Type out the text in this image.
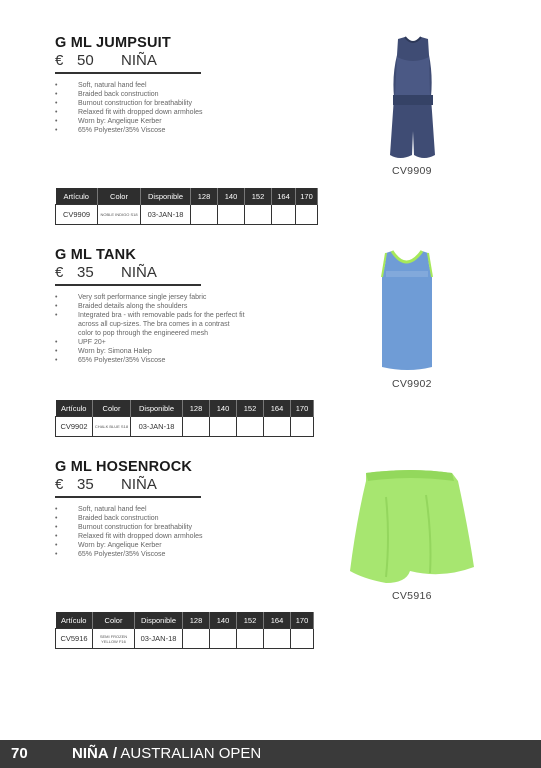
G ML JUMPSUIT
€ 50 NIÑA
•	Soft, natural hand feel
•	Braided back construction
•	Burnout construction for breathability
•	Relaxed fit with dropped down armholes
•	Worn by: Angelique Kerber
•	65% Polyester/35% Viscose
CV9909
Artículo	Color	Disponible	128	140	152	164	170
CV9909	NOBLE INDIGO S18	03-JAN-18					
G ML TANK
€ 35 NIÑA
•	Very soft performance single jersey fabric
•	Braided details along the shoulders
•	Integrated bra - with removable pads for the perfect fit
across all cup-sizes. The bra comes in a contrast
color to pop through the engineered mesh
•	UPF 20+
•	Worn by: Simona Halep
•	65% Polyester/35% Viscose
CV9902
Artículo	Color	Disponible	128	140	152	164	170
CV9902	CHALK BLUE S18	03-JAN-18					
G ML HOSENROCK
€ 35 NIÑA
•	Soft, natural hand feel
•	Braided back construction
•	Burnout construction for breathability
•	Relaxed fit with dropped down armholes
•	Worn by: Angelique Kerber
•	65% Polyester/35% Viscose
CV5916
Artículo	Color	Disponible	128	140	152	164	170
CV5916	SEMI FROZEN YELLOW F16	03-JAN-18					
70	NIÑA / AUSTRALIAN OPEN
